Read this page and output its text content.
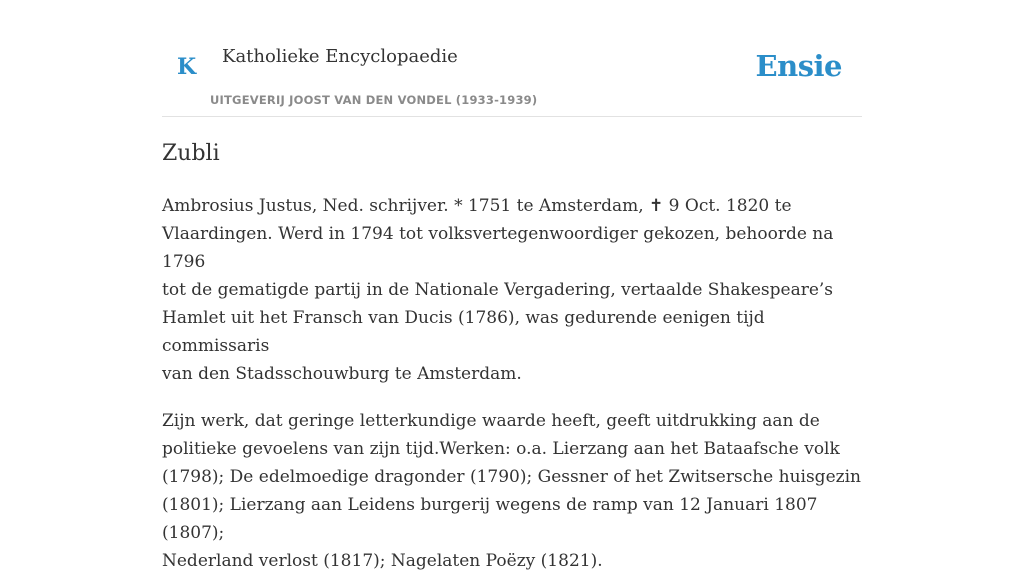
K Katholieke Encyclopaedie
UITGEVERIJ JOOST VAN DEN VONDEL (1933-1939)
Ensie
Zubli

Ambrosius Justus, Ned. schrijver. * 1751 te Amsterdam, ✝ 9 Oct. 1820 te
Vlaardingen. Werd in 1794 tot volksvertegenwoordiger gekozen, behoorde na 1796
tot de gematigde partij in de Nationale Vergadering, vertaalde Shakespeare’s
Hamlet uit het Fransch van Ducis (1786), was gedurende eenigen tijd commissaris
van den Stadsschouwburg te Amsterdam.

Zijn werk, dat geringe letterkundige waarde heeft, geeft uitdrukking aan de
politieke gevoelens van zijn tijd.Werken: o.a. Lierzang aan het Bataafsche volk
(1798); De edelmoedige dragonder (1790); Gessner of het Zwitsersche huisgezin
(1801); Lierzang aan Leidens burgerij wegens de ramp van 12 Januari 1807 (1807);
Nederland verlost (1817); Nagelaten Poëzy (1821).
